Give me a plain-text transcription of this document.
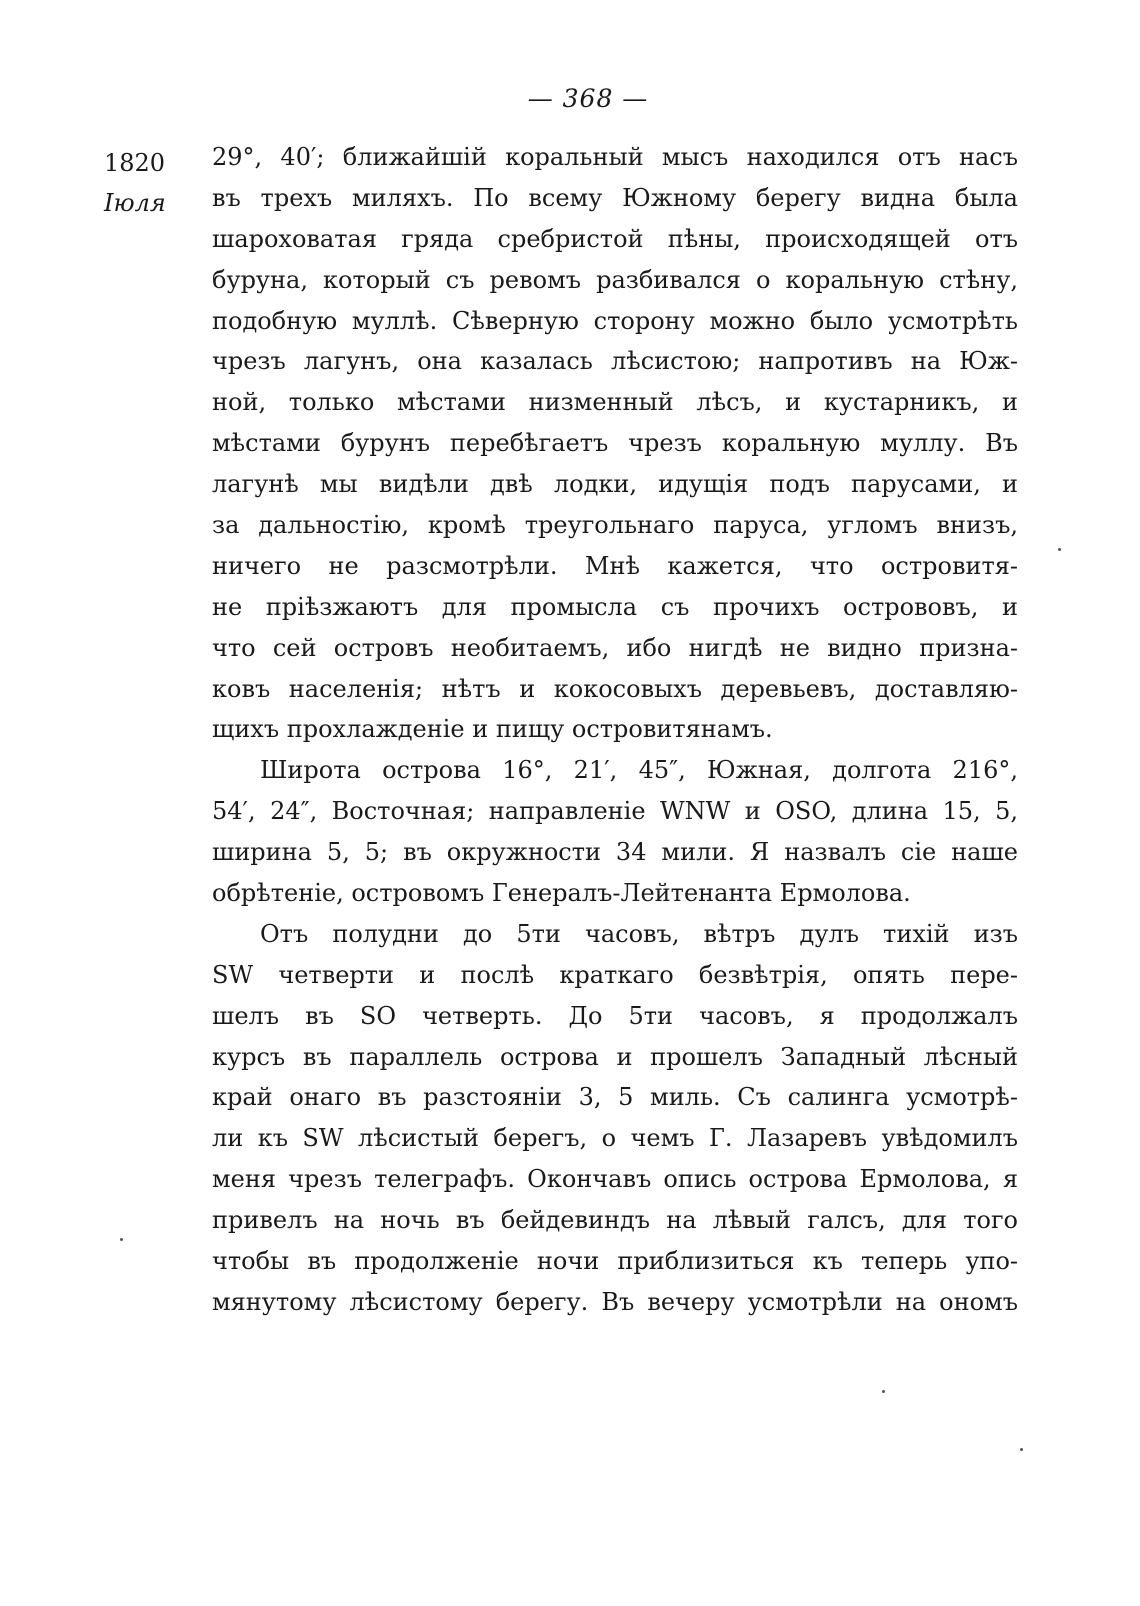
— 368 —
1820
Іюля
29°, 40′; ближайшій коральный мысъ находился отъ насъ
въ трехъ миляхъ. По всему Южному берегу видна была
шароховатая гряда сребристой пѣны, происходящей отъ
буруна, который съ ревомъ разбивался о коральную стѣну,
подобную муллѣ. Сѣверную сторону можно было усмотрѣть
чрезъ лагунъ, она казалась лѣсистою; напротивъ на Юж-
ной, только мѣстами низменный лѣсъ, и кустарникъ, и
мѣстами бурунъ перебѣгаетъ чрезъ коральную муллу. Въ
лагунѣ мы видѣли двѣ лодки, идущія подъ парусами, и
за дальностію, кромѣ треугольнаго паруса, угломъ внизъ,
ничего не разсмотрѣли. Мнѣ кажется, что островитя-
не пріѣзжаютъ для промысла съ прочихъ острововъ, и
что сей островъ необитаемъ, ибо нигдѣ не видно призна-
ковъ населенія; нѣтъ и кокосовыхъ деревьевъ, доставляю-
щихъ прохлажденіе и пищу островитянамъ.
Широта острова 16°, 21′, 45″, Южная, долгота 216°,
54′, 24″, Восточная; направленіе WNW и OSO, длина 15, 5,
ширина 5, 5; въ окружности 34 мили. Я назвалъ сіе наше
обрѣтеніе, островомъ Генералъ-Лейтенанта Ермолова.
Отъ полудни до 5ти часовъ, вѣтръ дулъ тихій изъ
SW четверти и послѣ краткаго безвѣтрія, опять пере-
шелъ въ SO четверть. До 5ти часовъ, я продолжалъ
курсъ въ параллель острова и прошелъ Западный лѣсный
край онаго въ разстояніи 3, 5 миль. Съ салинга усмотрѣ-
ли къ SW лѣсистый берегъ, о чемъ Г. Лазаревъ увѣдомилъ
меня чрезъ телеграфъ. Окончавъ опись острова Ермолова, я
привелъ на ночь въ бейдевиндъ на лѣвый галсъ, для того
чтобы въ продолженіе ночи приблизиться къ теперь упо-
мянутому лѣсистому берегу. Въ вечеру усмотрѣли на ономъ
